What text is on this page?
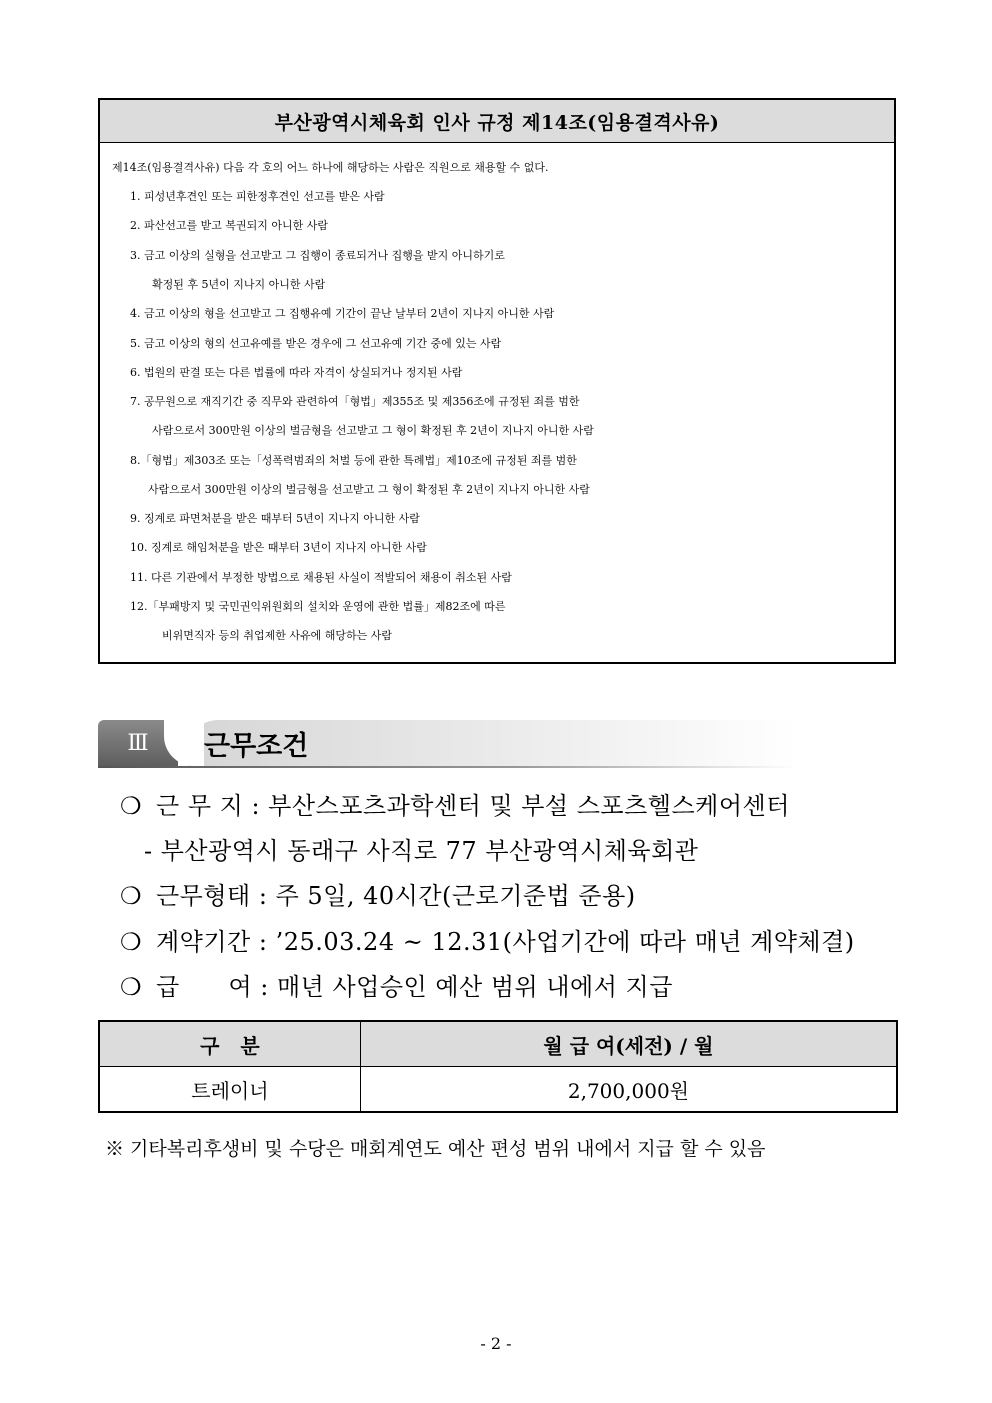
부산광역시체육회 인사 규정 제14조(임용결격사유)
제14조(임용결격사유) 다음 각 호의 어느 하나에 해당하는 사람은 직원으로 채용할 수 없다.
1. 피성년후견인 또는 피한정후견인 선고를 받은 사람
2. 파산선고를 받고 복권되지 아니한 사람
3. 금고 이상의 실형을 선고받고 그 집행이 종료되거나 집행을 받지 아니하기로
확정된 후 5년이 지나지 아니한 사람
4. 금고 이상의 형을 선고받고 그 집행유예 기간이 끝난 날부터 2년이 지나지 아니한 사람
5. 금고 이상의 형의 선고유예를 받은 경우에 그 선고유예 기간 중에 있는 사람
6. 법원의 판결 또는 다른 법률에 따라 자격이 상실되거나 정지된 사람
7. 공무원으로 재직기간 중 직무와 관련하여「형법」제355조 및 제356조에 규정된 죄를 범한
사람으로서 300만원 이상의 벌금형을 선고받고 그 형이 확정된 후 2년이 지나지 아니한 사람
8.「형법」제303조 또는「성폭력범죄의 처벌 등에 관한 특례법」제10조에 규정된 죄를 범한
사람으로서 300만원 이상의 벌금형을 선고받고 그 형이 확정된 후 2년이 지나지 아니한 사람
9. 징계로 파면처분을 받은 때부터 5년이 지나지 아니한 사람
10. 징계로 해임처분을 받은 때부터 3년이 지나지 아니한 사람
11. 다른 기관에서 부정한 방법으로 채용된 사실이 적발되어 채용이 취소된 사람
12.「부패방지 및 국민권익위원회의 설치와 운영에 관한 법률」제82조에 따른
비위면직자 등의 취업제한 사유에 해당하는 사람
Ⅲ	근무조건
❍ 근 무 지 : 부산스포츠과학센터 및 부설 스포츠헬스케어센터
- 부산광역시 동래구 사직로 77 부산광역시체육회관
❍ 근무형태 : 주 5일, 40시간(근로기준법 준용)
❍ 계약기간 : ’25.03.24 ~ 12.31(사업기간에 따라 매년 계약체결)
❍ 급      여 : 매년 사업승인 예산 범위 내에서 지급
구   분	월 급 여(세전) / 월
트레이너	2,700,000원
※ 기타복리후생비 및 수당은 매회계연도 예산 편성 범위 내에서 지급 할 수 있음
- 2 -
